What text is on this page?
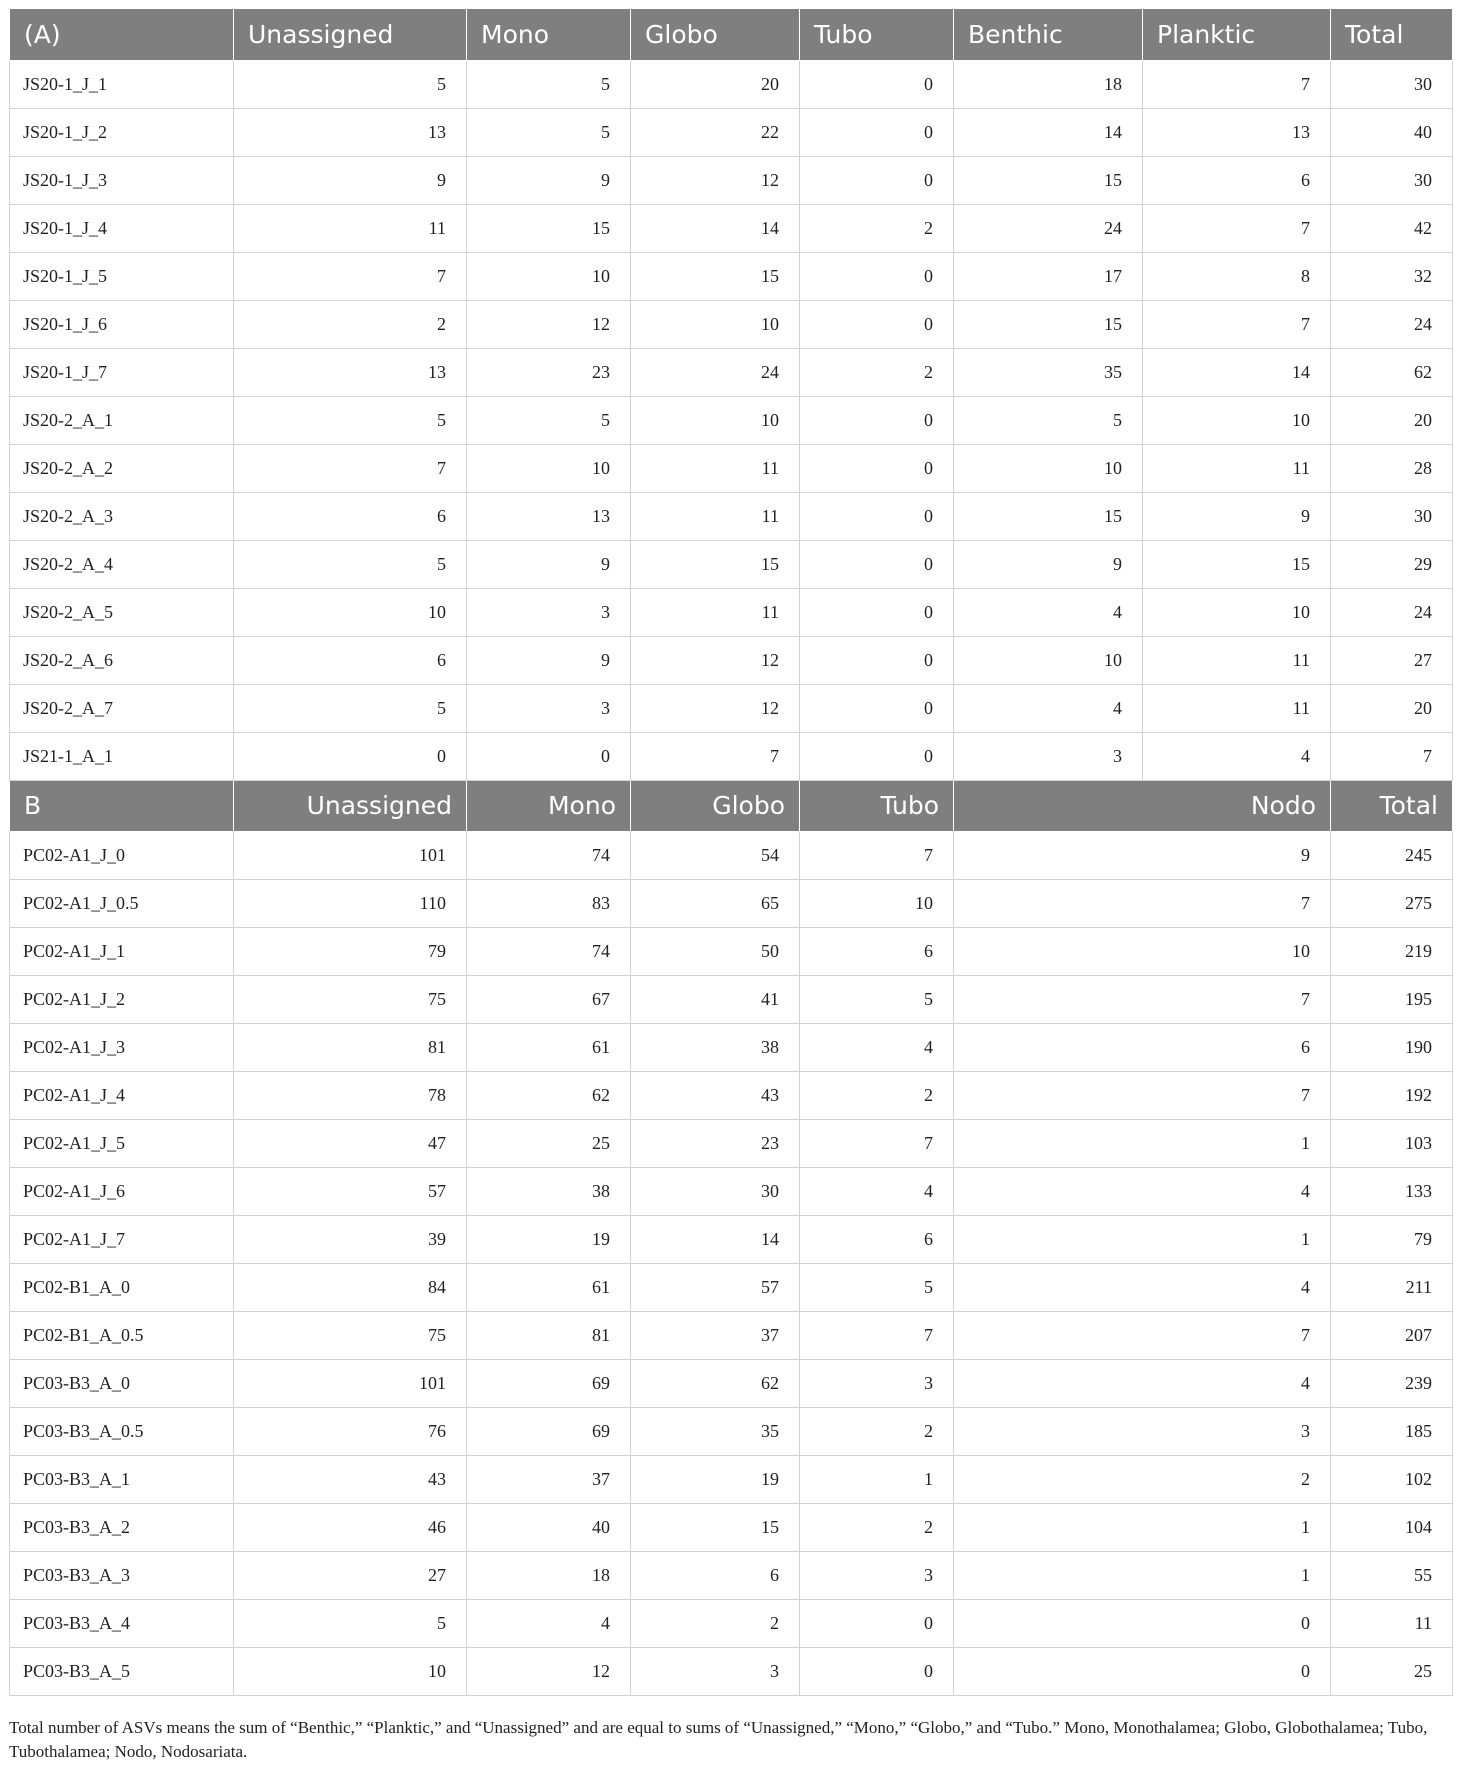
(A)	Unassigned	Mono	Globo	Tubo	Benthic	Planktic	Total
JS20-1_J_1	5	5	20	0	18	7	30
JS20-1_J_2	13	5	22	0	14	13	40
JS20-1_J_3	9	9	12	0	15	6	30
JS20-1_J_4	11	15	14	2	24	7	42
JS20-1_J_5	7	10	15	0	17	8	32
JS20-1_J_6	2	12	10	0	15	7	24
JS20-1_J_7	13	23	24	2	35	14	62
JS20-2_A_1	5	5	10	0	5	10	20
JS20-2_A_2	7	10	11	0	10	11	28
JS20-2_A_3	6	13	11	0	15	9	30
JS20-2_A_4	5	9	15	0	9	15	29
JS20-2_A_5	10	3	11	0	4	10	24
JS20-2_A_6	6	9	12	0	10	11	27
JS20-2_A_7	5	3	12	0	4	11	20
JS21-1_A_1	0	0	7	0	3	4	7
B	Unassigned	Mono	Globo	Tubo	Nodo		Total
PC02-A1_J_0	101	74	54	7	9		245
PC02-A1_J_0.5	110	83	65	10	7		275
PC02-A1_J_1	79	74	50	6	10		219
PC02-A1_J_2	75	67	41	5	7		195
PC02-A1_J_3	81	61	38	4	6		190
PC02-A1_J_4	78	62	43	2	7		192
PC02-A1_J_5	47	25	23	7	1		103
PC02-A1_J_6	57	38	30	4	4		133
PC02-A1_J_7	39	19	14	6	1		79
PC02-B1_A_0	84	61	57	5	4		211
PC02-B1_A_0.5	75	81	37	7	7		207
PC03-B3_A_0	101	69	62	3	4		239
PC03-B3_A_0.5	76	69	35	2	3		185
PC03-B3_A_1	43	37	19	1	2		102
PC03-B3_A_2	46	40	15	2	1		104
PC03-B3_A_3	27	18	6	3	1		55
PC03-B3_A_4	5	4	2	0	0		11
PC03-B3_A_5	10	12	3	0	0		25
Total number of ASVs means the sum of “Benthic,” “Planktic,” and “Unassigned” and are equal to sums of “Unassigned,” “Mono,” “Globo,” and “Tubo.” Mono, Monothalamea; Globo, Globothalamea; Tubo, Tubothalamea; Nodo, Nodosariata.
